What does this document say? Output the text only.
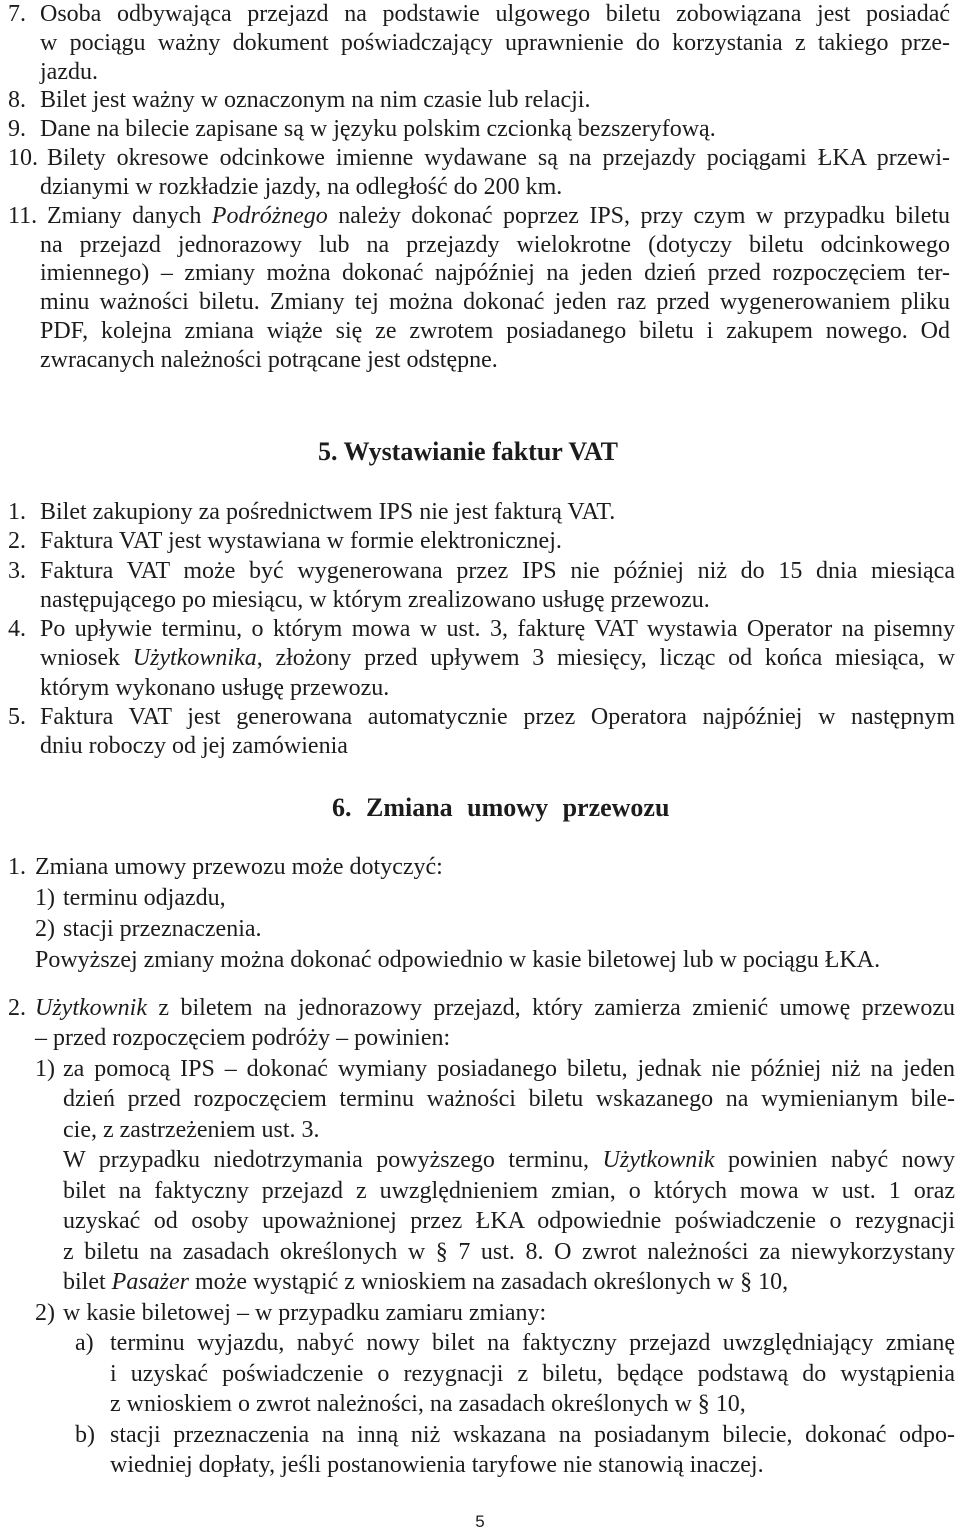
7. Osoba odbywająca przejazd na podstawie ulgowego biletu zobowiązana jest posiadać
w pociągu ważny dokument poświadczający uprawnienie do korzystania z takiego prze-
jazdu.
8. Bilet jest ważny w oznaczonym na nim czasie lub relacji.
9. Dane na bilecie zapisane są w języku polskim czcionką bezszeryfową.
10. Bilety okresowe odcinkowe imienne wydawane są na przejazdy pociągami ŁKA przewi-
dzianymi w rozkładzie jazdy, na odległość do 200 km.
11. Zmiany danych Podróżnego należy dokonać poprzez IPS, przy czym w przypadku biletu
na przejazd jednorazowy lub na przejazdy wielokrotne (dotyczy biletu odcinkowego
imiennego) – zmiany można dokonać najpóźniej na jeden dzień przed rozpoczęciem ter-
minu ważności biletu. Zmiany tej można dokonać jeden raz przed wygenerowaniem pliku
PDF, kolejna zmiana wiąże się ze zwrotem posiadanego biletu i zakupem nowego. Od
zwracanych należności potrącane jest odstępne.
5. Wystawianie faktur VAT
1. Bilet zakupiony za pośrednictwem IPS nie jest fakturą VAT.
2. Faktura VAT jest wystawiana w formie elektronicznej.
3. Faktura VAT może być wygenerowana przez IPS nie później niż do 15 dnia miesiąca
następującego po miesiącu, w którym zrealizowano usługę przewozu.
4. Po upływie terminu, o którym mowa w ust. 3, fakturę VAT wystawia Operator na pisemny
wniosek Użytkownika, złożony przed upływem 3 miesięcy, licząc od końca miesiąca, w
którym wykonano usługę przewozu.
5. Faktura VAT jest generowana automatycznie przez Operatora najpóźniej w następnym
dniu roboczy od jej zamówienia
6. Zmiana umowy przewozu
1. Zmiana umowy przewozu może dotyczyć:
1) terminu odjazdu,
2) stacji przeznaczenia.
Powyższej zmiany można dokonać odpowiednio w kasie biletowej lub w pociągu ŁKA.
2. Użytkownik z biletem na jednorazowy przejazd, który zamierza zmienić umowę przewozu
– przed rozpoczęciem podróży – powinien:
1) za pomocą IPS – dokonać wymiany posiadanego biletu, jednak nie później niż na jeden
dzień przed rozpoczęciem terminu ważności biletu wskazanego na wymienianym bile-
cie, z zastrzeżeniem ust. 3.
W przypadku niedotrzymania powyższego terminu, Użytkownik powinien nabyć nowy
bilet na faktyczny przejazd z uwzględnieniem zmian, o których mowa w ust. 1 oraz
uzyskać od osoby upoważnionej przez ŁKA odpowiednie poświadczenie o rezygnacji
z biletu na zasadach określonych w § 7 ust. 8. O zwrot należności za niewykorzystany
bilet Pasażer może wystąpić z wnioskiem na zasadach określonych w § 10,
2) w kasie biletowej – w przypadku zamiaru zmiany:
a) terminu wyjazdu, nabyć nowy bilet na faktyczny przejazd uwzględniający zmianę
i uzyskać poświadczenie o rezygnacji z biletu, będące podstawą do wystąpienia
z wnioskiem o zwrot należności, na zasadach określonych w § 10,
b) stacji przeznaczenia na inną niż wskazana na posiadanym bilecie, dokonać odpo-
wiedniej dopłaty, jeśli postanowienia taryfowe nie stanowią inaczej.
5
